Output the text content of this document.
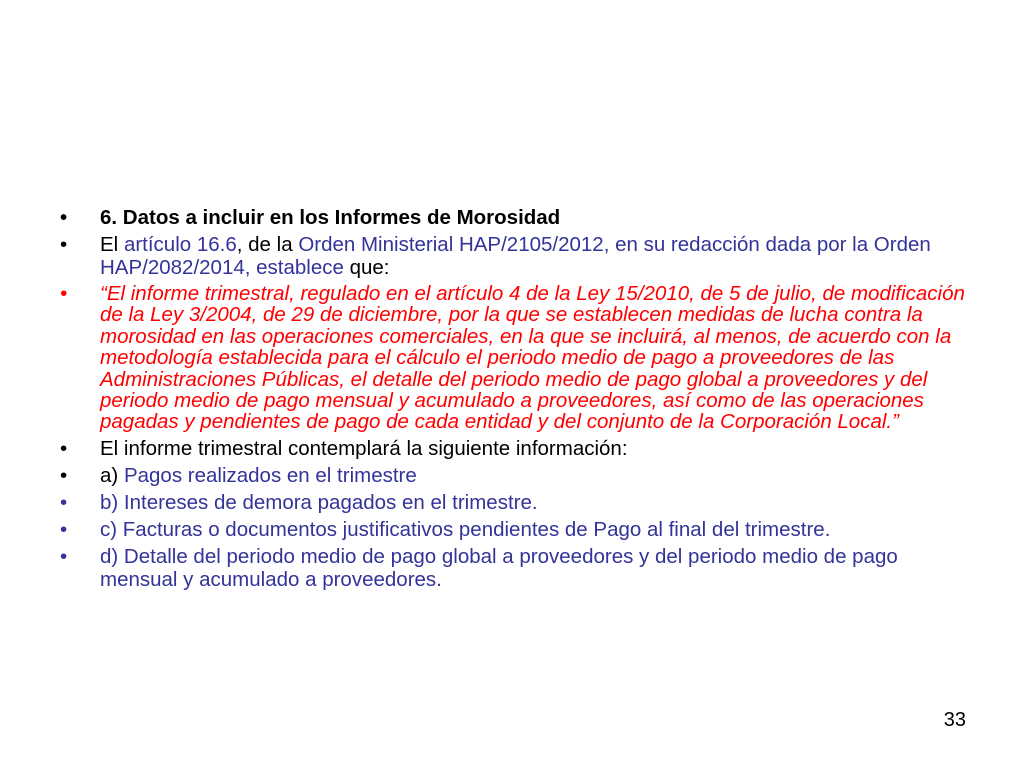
•	6. Datos a incluir en los Informes de Morosidad
•	El artículo 16.6, de la Orden Ministerial HAP/2105/2012, en su redacción dada por la Orden HAP/2082/2014, establece que:
•	“El informe trimestral, regulado en el artículo 4 de la Ley 15/2010, de 5 de julio, de modificación de la Ley 3/2004, de 29 de diciembre, por la que se establecen medidas de lucha contra la morosidad en las operaciones comerciales, en la que se incluirá, al menos, de acuerdo con la metodología establecida para el cálculo el periodo medio de pago a proveedores de las Administraciones Públicas, el detalle del periodo medio de pago global a proveedores y del periodo medio de pago mensual y acumulado a proveedores, así como de las operaciones pagadas y pendientes de pago de cada entidad y del conjunto de la Corporación Local.”
•	El informe trimestral contemplará la siguiente información:
•	a) Pagos realizados en el trimestre
•	b) Intereses de demora pagados en el trimestre.
•	c) Facturas o documentos justificativos pendientes de Pago al final del trimestre.
•	d) Detalle del periodo medio de pago global a proveedores y del periodo medio de pago mensual y acumulado a proveedores.
33
